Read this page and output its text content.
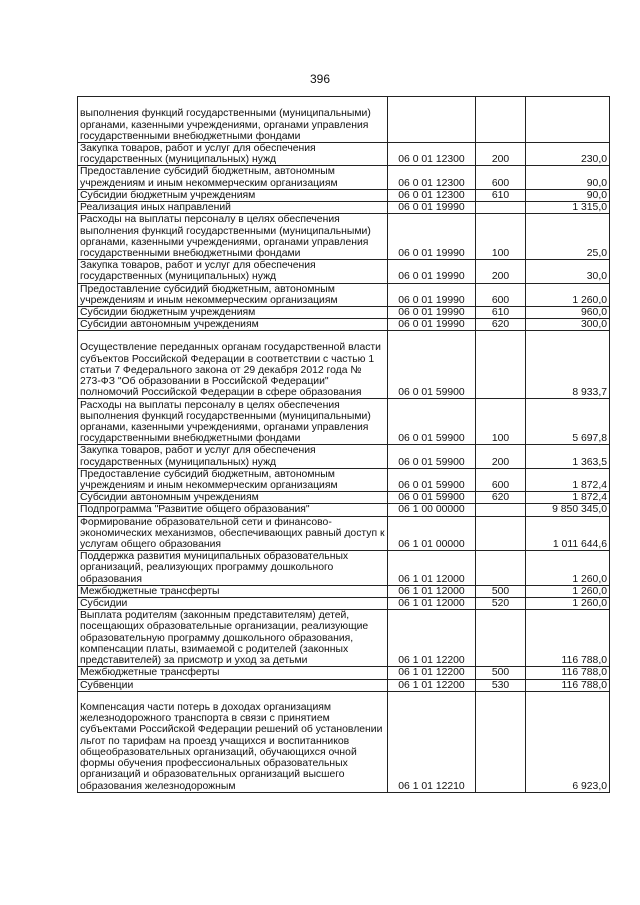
396
выполнения функций государственными (муниципальными) органами, казенными учреждениями, органами управления государственными внебюджетными фондами			
Закупка товаров, работ и услуг для обеспечения государственных (муниципальных) нужд	06 0 01 12300	200	230,0
Предоставление субсидий бюджетным, автономным учреждениям и иным некоммерческим организациям	06 0 01 12300	600	90,0
Субсидии бюджетным учреждениям	06 0 01 12300	610	90,0
Реализация иных направлений	06 0 01 19990		1 315,0
Расходы на выплаты персоналу в целях обеспечения выполнения функций государственными (муниципальными) органами, казенными учреждениями, органами управления государственными внебюджетными фондами	06 0 01 19990	100	25,0
Закупка товаров, работ и услуг для обеспечения государственных (муниципальных) нужд	06 0 01 19990	200	30,0
Предоставление субсидий бюджетным, автономным учреждениям и иным некоммерческим организациям	06 0 01 19990	600	1 260,0
Субсидии бюджетным учреждениям	06 0 01 19990	610	960,0
Субсидии автономным учреждениям	06 0 01 19990	620	300,0
Осуществление переданных органам государственной власти субъектов Российской Федерации в соответствии с частью 1 статьи 7 Федерального закона от 29 декабря 2012 года № 273-ФЗ "Об образовании в Российской Федерации" полномочий Российской Федерации в сфере образования	06 0 01 59900		8 933,7
Расходы на выплаты персоналу в целях обеспечения выполнения функций государственными (муниципальными) органами, казенными учреждениями, органами управления государственными внебюджетными фондами	06 0 01 59900	100	5 697,8
Закупка товаров, работ и услуг для обеспечения государственных (муниципальных) нужд	06 0 01 59900	200	1 363,5
Предоставление субсидий бюджетным, автономным учреждениям и иным некоммерческим организациям	06 0 01 59900	600	1 872,4
Субсидии автономным учреждениям	06 0 01 59900	620	1 872,4
Подпрограмма "Развитие общего образования"	06 1 00 00000		9 850 345,0
Формирование образовательной сети и финансово-экономических механизмов, обеспечивающих равный доступ к услугам общего образования	06 1 01 00000		1 011 644,6
Поддержка развития муниципальных образовательных организаций, реализующих программу дошкольного образования	06 1 01 12000		1 260,0
Межбюджетные трансферты	06 1 01 12000	500	1 260,0
Субсидии	06 1 01 12000	520	1 260,0
Выплата родителям (законным представителям) детей, посещающих образовательные организации, реализующие образовательную программу дошкольного образования, компенсации платы, взимаемой с родителей (законных представителей) за присмотр и уход за детьми	06 1 01 12200		116 788,0
Межбюджетные трансферты	06 1 01 12200	500	116 788,0
Субвенции	06 1 01 12200	530	116 788,0
Компенсация части потерь в доходах организациям железнодорожного транспорта в связи с принятием субъектами Российской Федерации решений об установлении льгот по тарифам на проезд учащихся и воспитанников общеобразовательных организаций, обучающихся очной формы обучения профессиональных образовательных организаций и образовательных организаций высшего образования железнодорожным	06 1 01 12210		6 923,0
